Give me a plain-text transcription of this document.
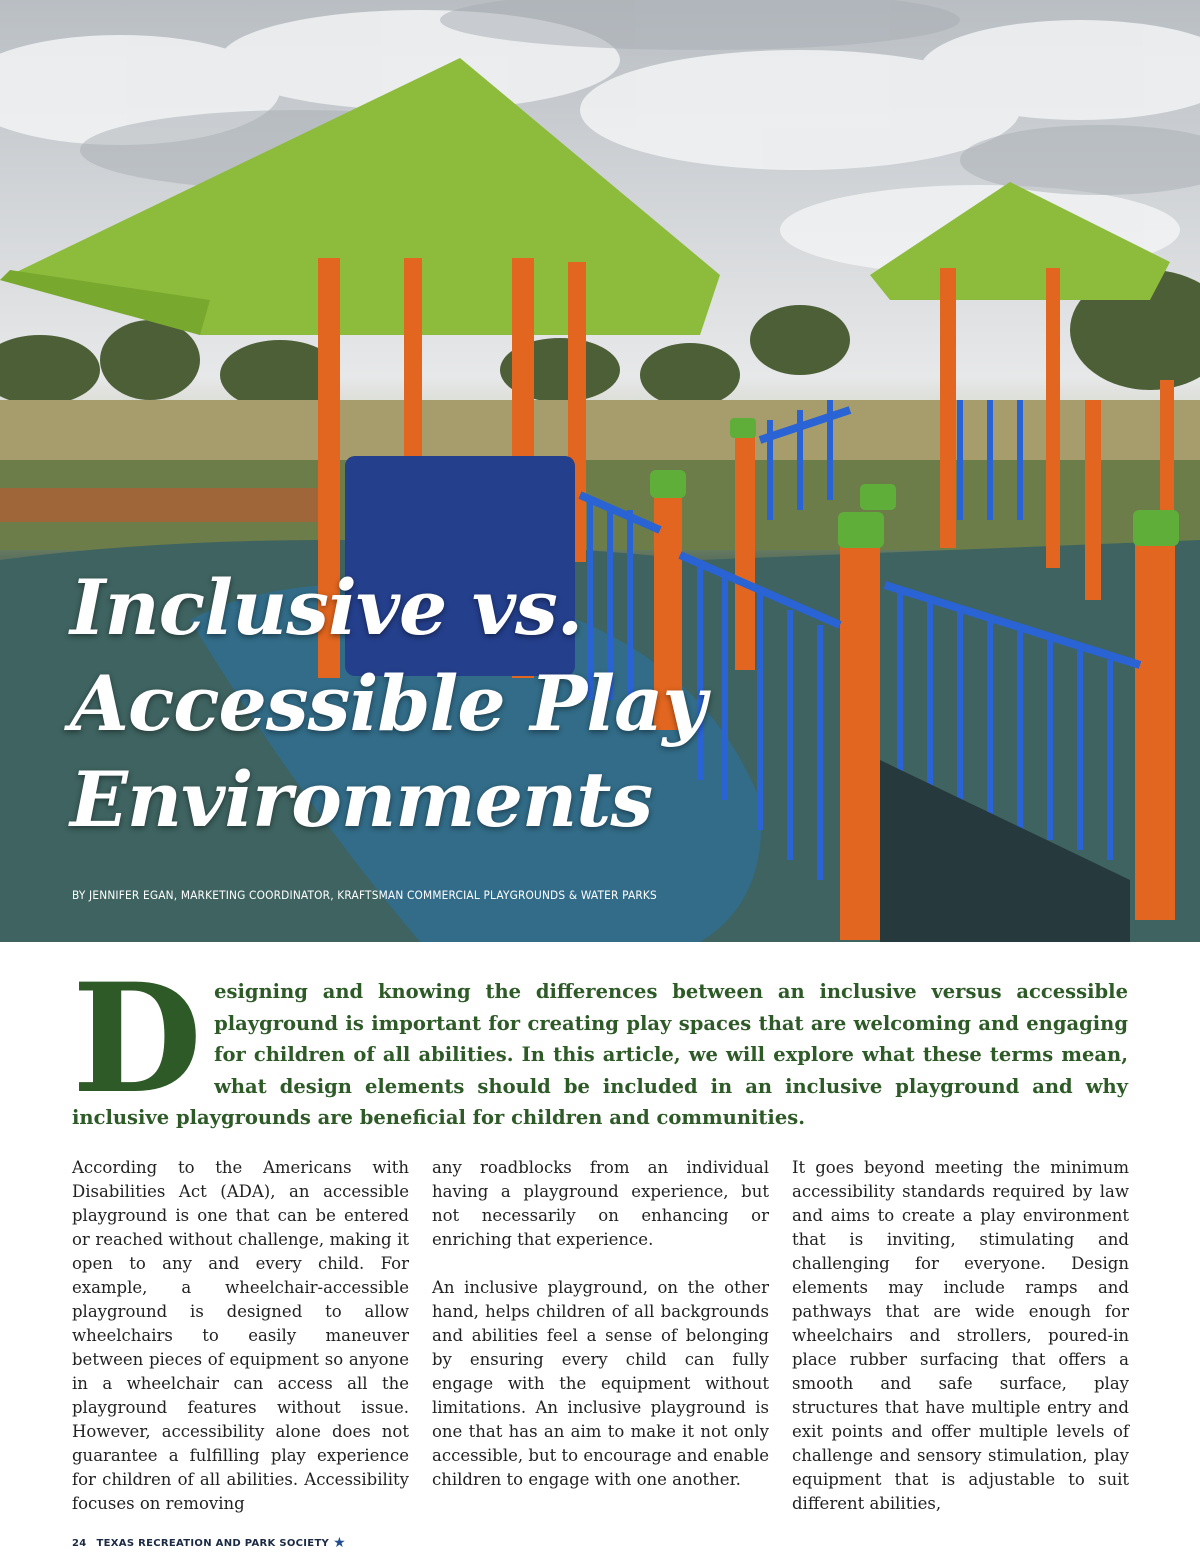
Inclusive vs.
Accessible Play
Environments
BY JENNIFER EGAN, MARKETING COORDINATOR, KRAFTSMAN COMMERCIAL PLAYGROUNDS & WATER PARKS

D esigning and knowing the differences between an inclusive versus accessible playground is important for creating play spaces that are welcoming and engaging for children of all abilities. In this article, we will explore what these terms mean, what design elements should be included in an inclusive playground and why inclusive playgrounds are beneficial for children and communities.

According to the Americans with Disabilities Act (ADA), an accessible playground is one that can be entered or reached without challenge, making it open to any and every child. For example, a wheelchair-accessible playground is designed to allow wheelchairs to easily maneuver between pieces of equipment so anyone in a wheelchair can access all the playground features without issue. However, accessibility alone does not guarantee a fulfilling play experience for children of all abilities. Accessibility focuses on removing

any roadblocks from an individual having a playground experience, but not necessarily on enhancing or enriching that experience.

An inclusive playground, on the other hand, helps children of all backgrounds and abilities feel a sense of belonging by ensuring every child can fully engage with the equipment without limitations. An inclusive playground is one that has an aim to make it not only accessible, but to encourage and enable children to engage with one another.

It goes beyond meeting the minimum accessibility standards required by law and aims to create a play environment that is inviting, stimulating and challenging for everyone. Design elements may include ramps and pathways that are wide enough for wheelchairs and strollers, poured-in place rubber surfacing that offers a smooth and safe surface, play structures that have multiple entry and exit points and offer multiple levels of challenge and sensory stimulation, play equipment that is adjustable to suit different abilities,

24 TEXAS RECREATION AND PARK SOCIETY ★
